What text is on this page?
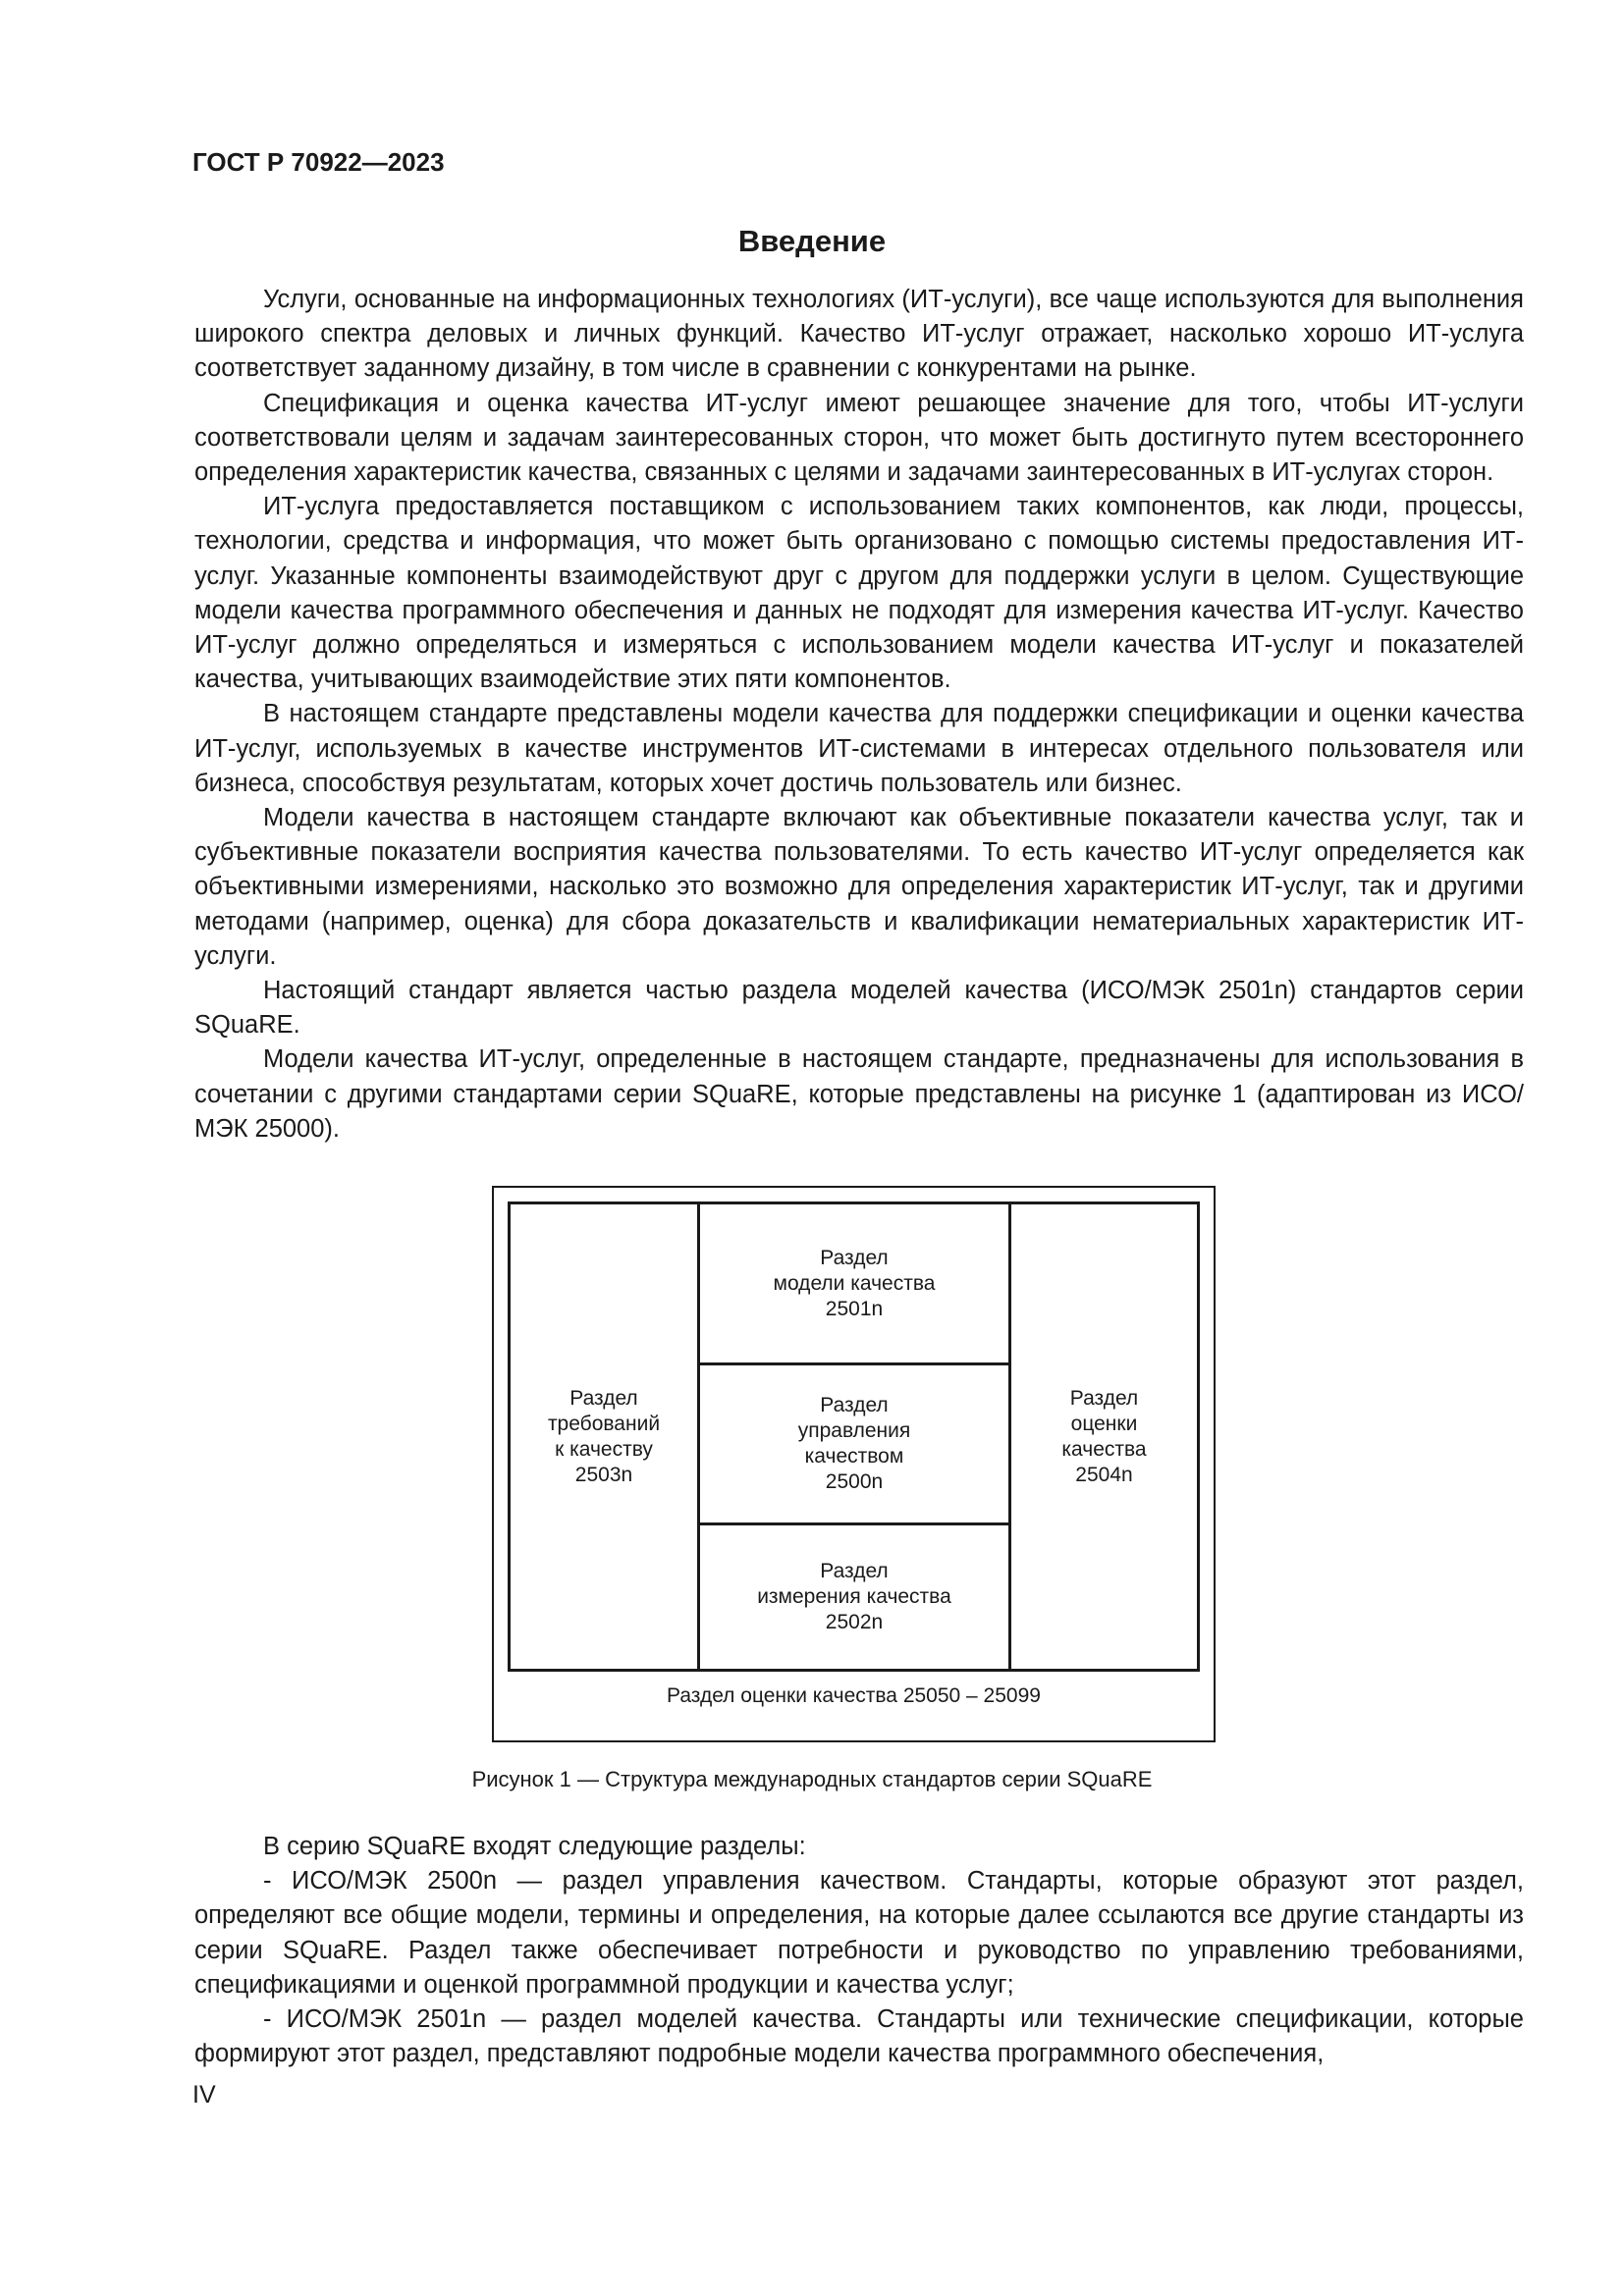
ГОСТ Р 70922—2023
Введение

Услуги, основанные на информационных технологиях (ИТ-услуги), все чаще используются для выполнения широкого спектра деловых и личных функций. Качество ИТ-услуг отражает, насколько хорошо ИТ-услуга соответствует заданному дизайну, в том числе в сравнении с конкурентами на рынке.

Спецификация и оценка качества ИТ-услуг имеют решающее значение для того, чтобы ИТ-услуги соответствовали целям и задачам заинтересованных сторон, что может быть достигнуто путем всестороннего определения характеристик качества, связанных с целями и задачами заинтересованных в ИТ-услугах сторон.

ИТ-услуга предоставляется поставщиком с использованием таких компонентов, как люди, процессы, технологии, средства и информация, что может быть организовано с помощью системы предоставления ИТ-услуг. Указанные компоненты взаимодействуют друг с другом для поддержки услуги в целом. Существующие модели качества программного обеспечения и данных не подходят для измерения качества ИТ-услуг. Качество ИТ-услуг должно определяться и измеряться с использованием модели качества ИТ-услуг и показателей качества, учитывающих взаимодействие этих пяти компонентов.

В настоящем стандарте представлены модели качества для поддержки спецификации и оценки качества ИТ-услуг, используемых в качестве инструментов ИТ-системами в интересах отдельного пользователя или бизнеса, способствуя результатам, которых хочет достичь пользователь или бизнес.

Модели качества в настоящем стандарте включают как объективные показатели качества услуг, так и субъективные показатели восприятия качества пользователями. То есть качество ИТ-услуг определяется как объективными измерениями, насколько это возможно для определения характеристик ИТ-услуг, так и другими методами (например, оценка) для сбора доказательств и квалификации нематериальных характеристик ИТ-услуги.

Настоящий стандарт является частью раздела моделей качества (ИСО/МЭК 2501n) стандартов серии SQuaRE.

Модели качества ИТ-услуг, определенные в настоящем стандарте, предназначены для использования в сочетании с другими стандартами серии SQuaRE, которые представлены на рисунке 1 (адаптирован из ИСО/МЭК 25000).

Раздел
требований
к качеству
2503n
Раздел
модели качества
2501n
Раздел
управления
качеством
2500n
Раздел
измерения качества
2502n
Раздел
оценки
качества
2504n
Раздел оценки качества 25050 – 25099
Рисунок 1 — Структура международных стандартов серии SQuaRE

В серию SQuaRE входят следующие разделы:

- ИСО/МЭК 2500n — раздел управления качеством. Стандарты, которые образуют этот раздел, определяют все общие модели, термины и определения, на которые далее ссылаются все другие стандарты из серии SQuaRE. Раздел также обеспечивает потребности и руководство по управлению требованиями, спецификациями и оценкой программной продукции и качества услуг;

- ИСО/МЭК 2501n — раздел моделей качества. Стандарты или технические спецификации, которые формируют этот раздел, представляют подробные модели качества программного обеспечения,

IV
